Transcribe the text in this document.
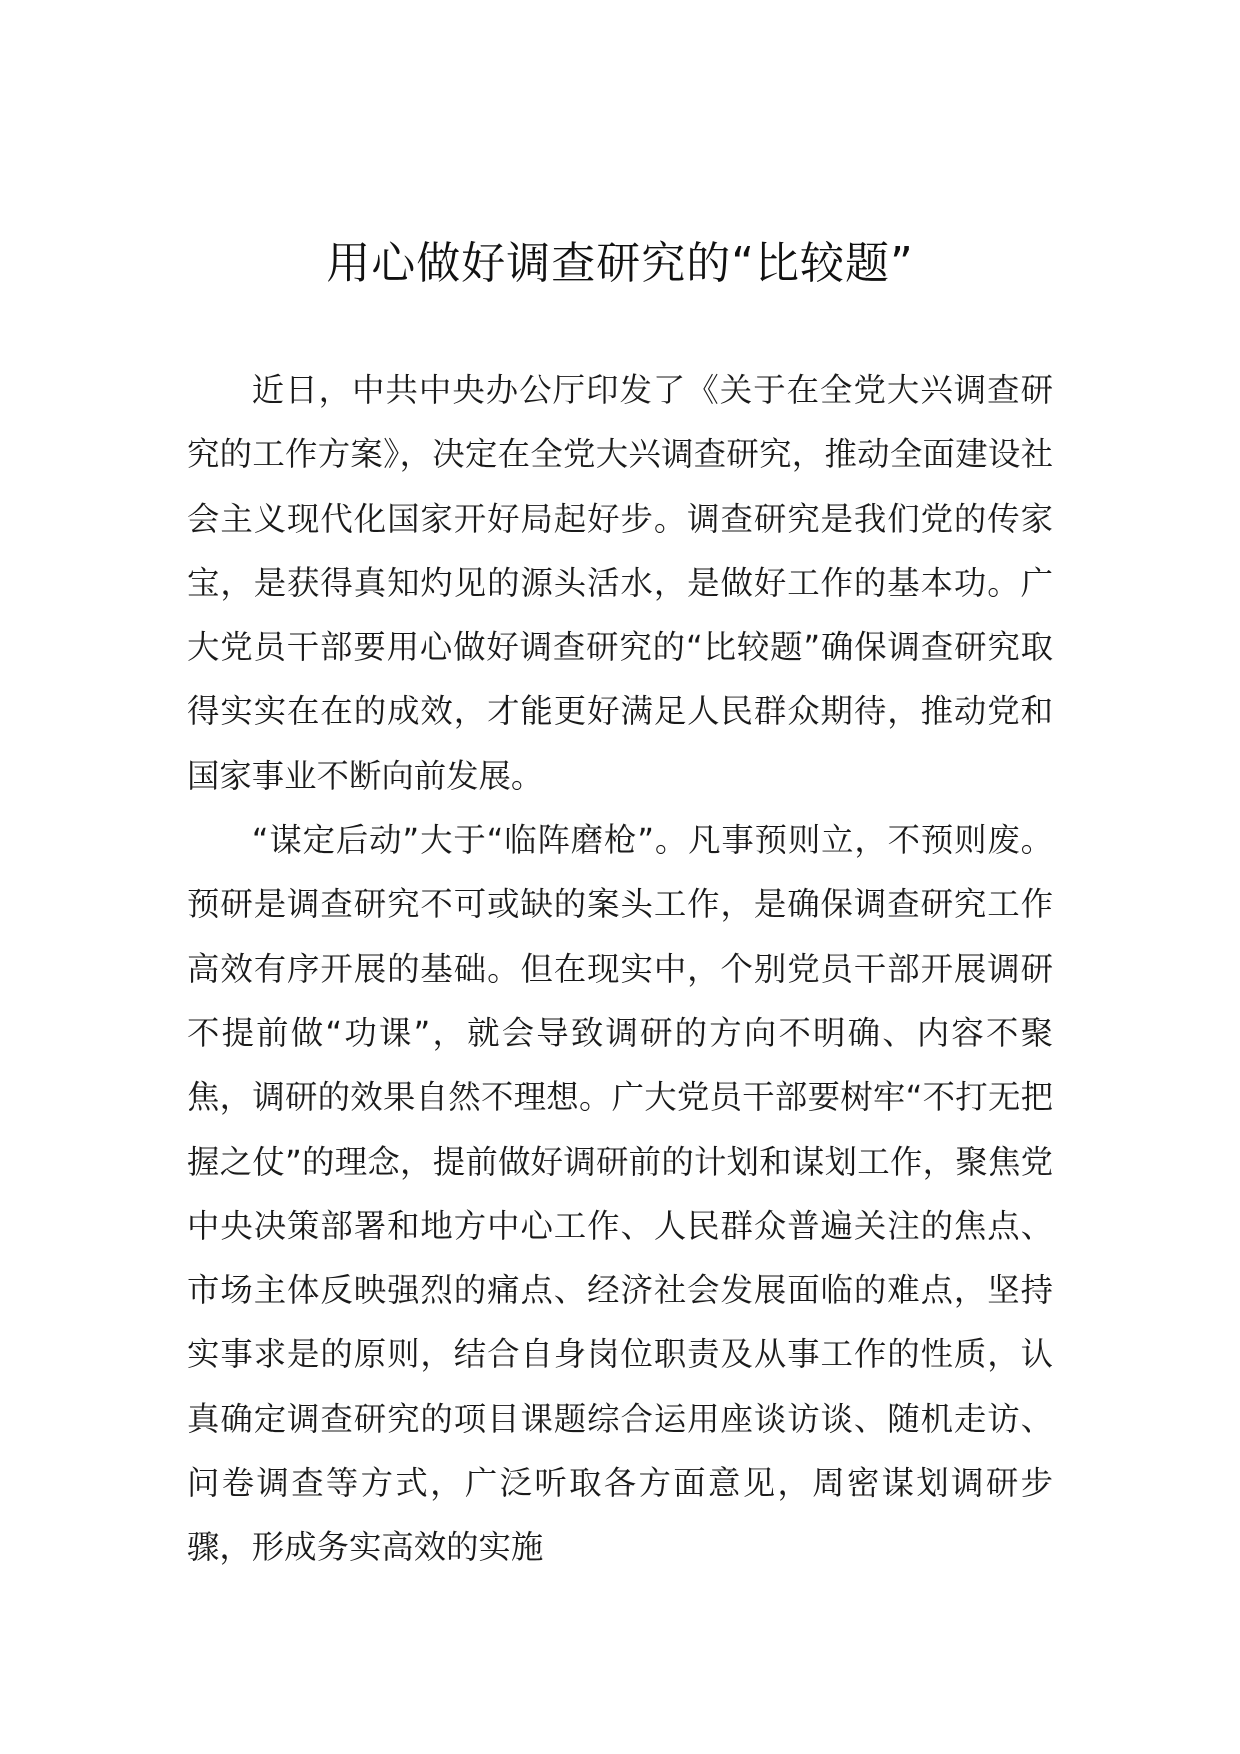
用心做好调查研究的“比较题”

近日，中共中央办公厅印发了《关于在全党大兴调查研究的工作方案》，决定在全党大兴调查研究，推动全面建设社会主义现代化国家开好局起好步。调查研究是我们党的传家宝，是获得真知灼见的源头活水，是做好工作的基本功。广大党员干部要用心做好调查研究的“比较题”确保调查研究取得实实在在的成效，才能更好满足人民群众期待，推动党和国家事业不断向前发展。

“谋定后动”大于“临阵磨枪”。凡事预则立，不预则废。预研是调查研究不可或缺的案头工作，是确保调查研究工作高效有序开展的基础。但在现实中，个别党员干部开展调研不提前做“功课”，就会导致调研的方向不明确、内容不聚焦，调研的效果自然不理想。广大党员干部要树牢“不打无把握之仗”的理念，提前做好调研前的计划和谋划工作，聚焦党中央决策部署和地方中心工作、人民群众普遍关注的焦点、市场主体反映强烈的痛点、经济社会发展面临的难点，坚持实事求是的原则，结合自身岗位职责及从事工作的性质，认真确定调查研究的项目课题综合运用座谈访谈、随机走访、问卷调查等方式，广泛听取各方面意见，周密谋划调研步骤，形成务实高效的实施
